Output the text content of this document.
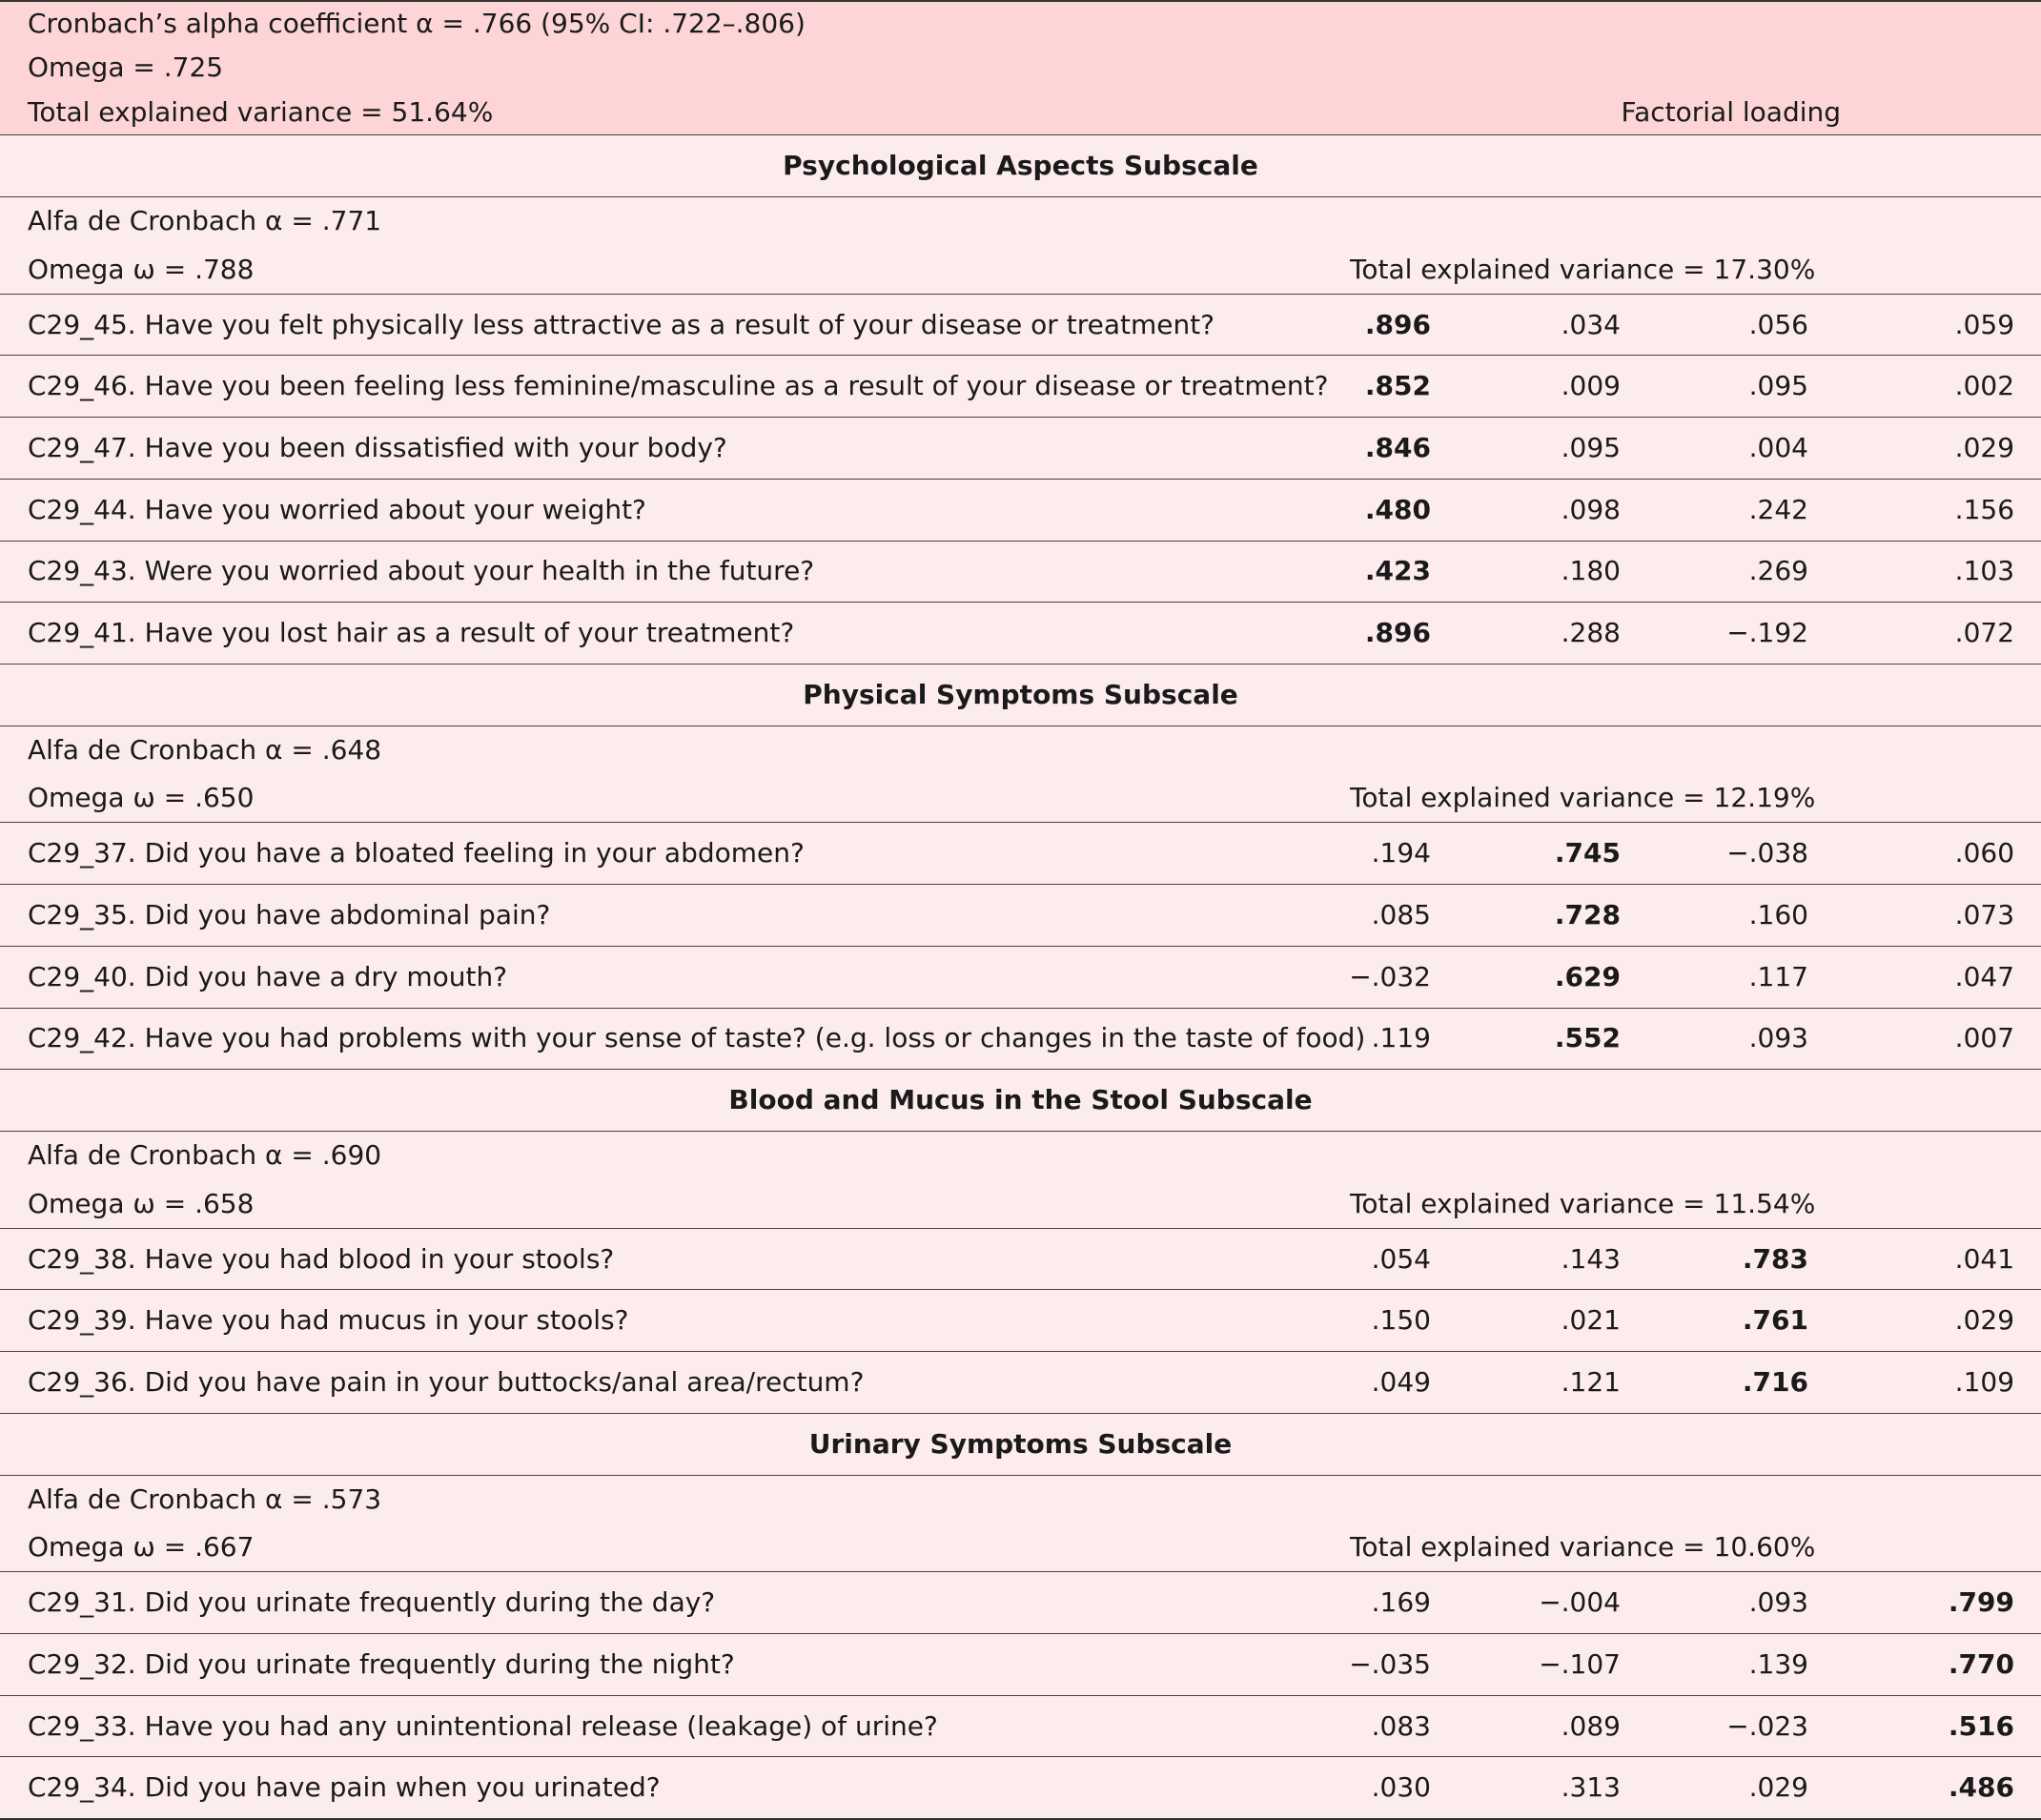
Cronbach’s alpha coefficient α = .766 (95% CI: .722–.806)				
Omega = .725				
Total explained variance = 51.64%	Factorial loading			
Psychological Aspects Subscale				
Alfa de Cronbach α = .771				
Omega ω = .788	Total explained variance = 17.30%			
C29_45. Have you felt physically less attractive as a result of your disease or treatment?	.896	.034	.056	.059
C29_46. Have you been feeling less feminine/masculine as a result of your disease or treatment?	.852	.009	.095	.002
C29_47. Have you been dissatisfied with your body?	.846	.095	.004	.029
C29_44. Have you worried about your weight?	.480	.098	.242	.156
C29_43. Were you worried about your health in the future?	.423	.180	.269	.103
C29_41. Have you lost hair as a result of your treatment?	.896	.288	−.192	.072
Physical Symptoms Subscale				
Alfa de Cronbach α = .648				
Omega ω = .650	Total explained variance = 12.19%			
C29_37. Did you have a bloated feeling in your abdomen?	.194	.745	−.038	.060
C29_35. Did you have abdominal pain?	.085	.728	.160	.073
C29_40. Did you have a dry mouth?	−.032	.629	.117	.047
C29_42. Have you had problems with your sense of taste? (e.g. loss or changes in the taste of food)	.119	.552	.093	.007
Blood and Mucus in the Stool Subscale				
Alfa de Cronbach α = .690				
Omega ω = .658	Total explained variance = 11.54%			
C29_38. Have you had blood in your stools?	.054	.143	.783	.041
C29_39. Have you had mucus in your stools?	.150	.021	.761	.029
C29_36. Did you have pain in your buttocks/anal area/rectum?	.049	.121	.716	.109
Urinary Symptoms Subscale				
Alfa de Cronbach α = .573				
Omega ω = .667	Total explained variance = 10.60%			
C29_31. Did you urinate frequently during the day?	.169	−.004	.093	.799
C29_32. Did you urinate frequently during the night?	−.035	−.107	.139	.770
C29_33. Have you had any unintentional release (leakage) of urine?	.083	.089	−.023	.516
C29_34. Did you have pain when you urinated?	.030	.313	.029	.486
